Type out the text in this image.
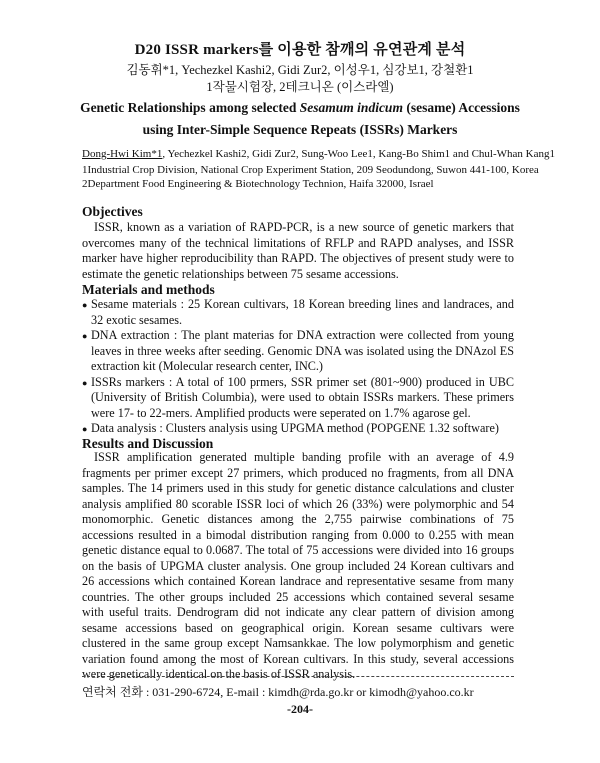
D20 ISSR markers를 이용한 참깨의 유연관계 분석
김동휘*1, Yechezkel Kashi2, Gidi Zur2, 이성우1, 심강보1, 강철환1
1작물시험장, 2테크니온 (이스라엘)
Genetic Relationships among selected Sesamum indicum (sesame) Accessions
using Inter-Simple Sequence Repeats (ISSRs) Markers
Dong-Hwi Kim*1, Yechezkel Kashi2, Gidi Zur2, Sung-Woo Lee1, Kang-Bo Shim1 and Chul-Whan Kang1
1Industrial Crop Division, National Crop Experiment Station, 209 Seodundong, Suwon 441-100, Korea
2Department Food Engineering & Biotechnology Technion, Haifa 32000, Israel
Objectives

ISSR, known as a variation of RAPD-PCR, is a new source of genetic markers that overcomes many of the technical limitations of RFLP and RAPD analyses, and ISSR marker have higher reproducibility than RAPD. The objectives of present study were to estimate the genetic relationships between 75 sesame accessions.

Materials and methods
● Sesame materials : 25 Korean cultivars, 18 Korean breeding lines and landraces, and 32 exotic sesames.
● DNA extraction : The plant materias for DNA extraction were collected from young leaves in three weeks after seeding. Genomic DNA was isolated using the DNAzol ES extraction kit (Molecular research center, INC.)
● ISSRs markers : A total of 100 prmers, SSR primer set (801~900) produced in UBC (University of British Columbia), were used to obtain ISSRs markers. These primers were 17- to 22-mers. Amplified products were seperated on 1.7% agarose gel.
● Data analysis : Clusters analysis using UPGMA method (POPGENE 1.32 software)
Results and Discussion

ISSR amplification generated multiple banding profile with an average of 4.9 fragments per primer except 27 primers, which produced no fragments, from all DNA samples. The 14 primers used in this study for genetic distance calculations and cluster analysis amplified 80 scorable ISSR loci of which 26 (33%) were polymorphic and 54 monomorphic. Genetic distances among the 2,755 pairwise combinations of 75 accessions resulted in a bimodal distribution ranging from 0.000 to 0.255 with mean genetic distance equal to 0.0687. The total of 75 accessions were divided into 16 groups on the basis of UPGMA cluster analysis. One group included 24 Korean cultivars and 26 accessions which contained Korean landrace and representative sesame from many countries. The other groups included 25 accessions which contained several sesame with useful traits. Dendrogram did not indicate any clear pattern of division among sesame accessions based on geographical origin. Korean sesame cultivars were clustered in the same group except Namsankkae. The low polymorphism and genetic variation found among the most of Korean cultivars. In this study, several accessions were genetically identical on the basis of ISSR analysis.

연락처 전화 : 031-290-6724, E-mail : kimdh@rda.go.kr or kimodh@yahoo.co.kr
-204-
